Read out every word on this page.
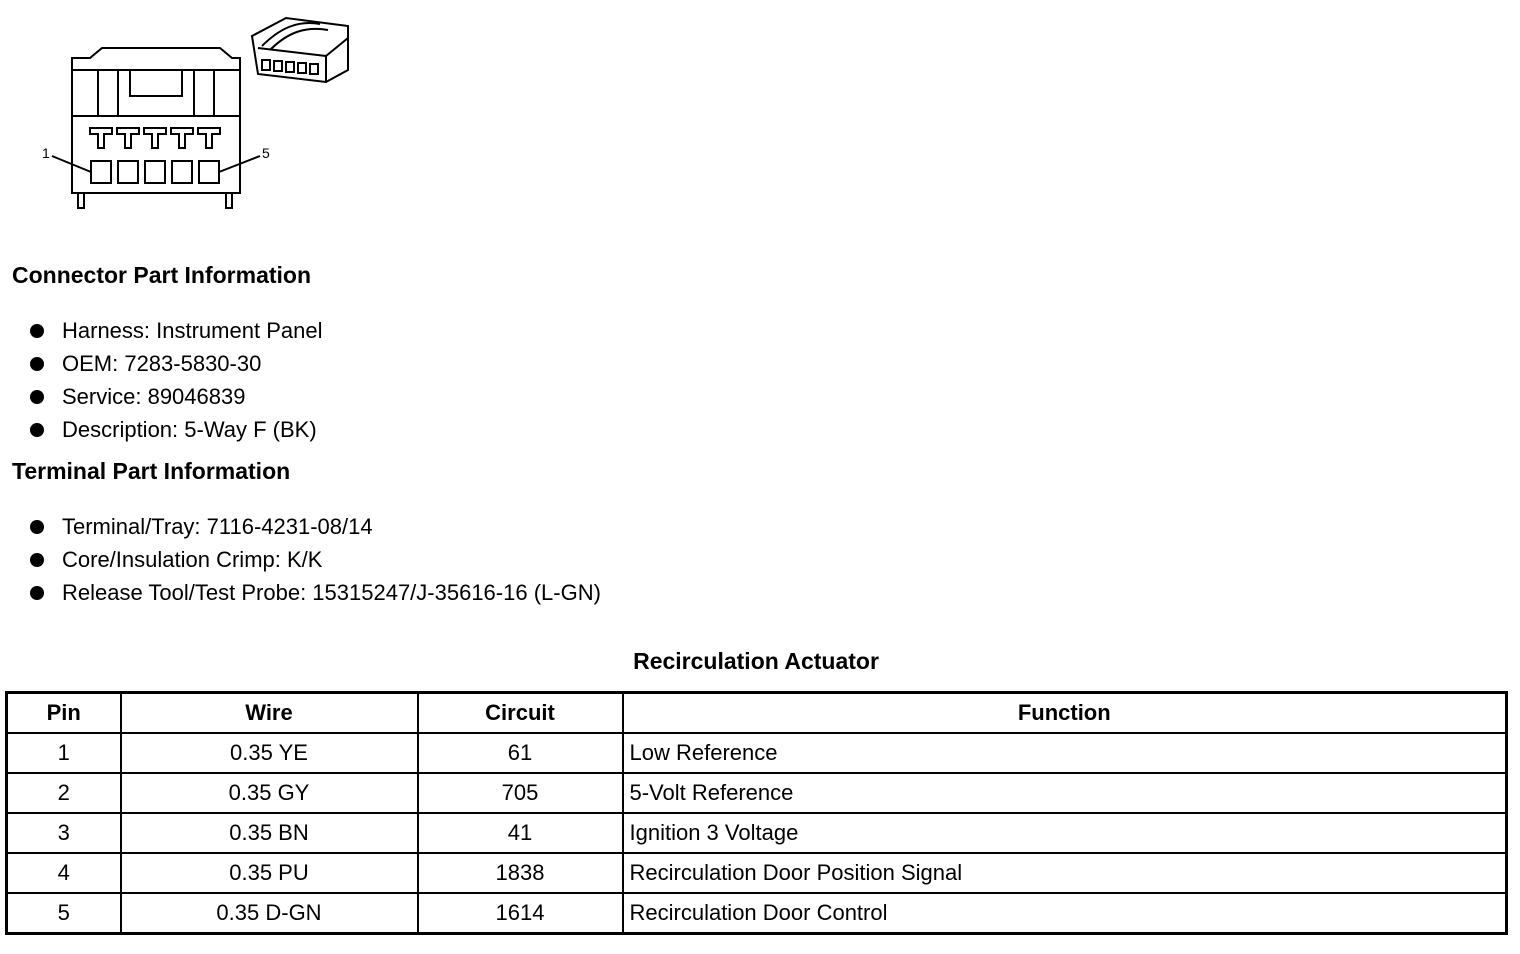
1	5
Connector Part Information
Harness: Instrument Panel
OEM: 7283-5830-30
Service: 89046839
Description: 5-Way F (BK)
Terminal Part Information
Terminal/Tray: 7116-4231-08/14
Core/Insulation Crimp: K/K
Release Tool/Test Probe: 15315247/J-35616-16 (L-GN)
Recirculation Actuator
Pin	Wire	Circuit	Function
1	0.35 YE	61	Low Reference
2	0.35 GY	705	5-Volt Reference
3	0.35 BN	41	Ignition 3 Voltage
4	0.35 PU	1838	Recirculation Door Position Signal
5	0.35 D-GN	1614	Recirculation Door Control
